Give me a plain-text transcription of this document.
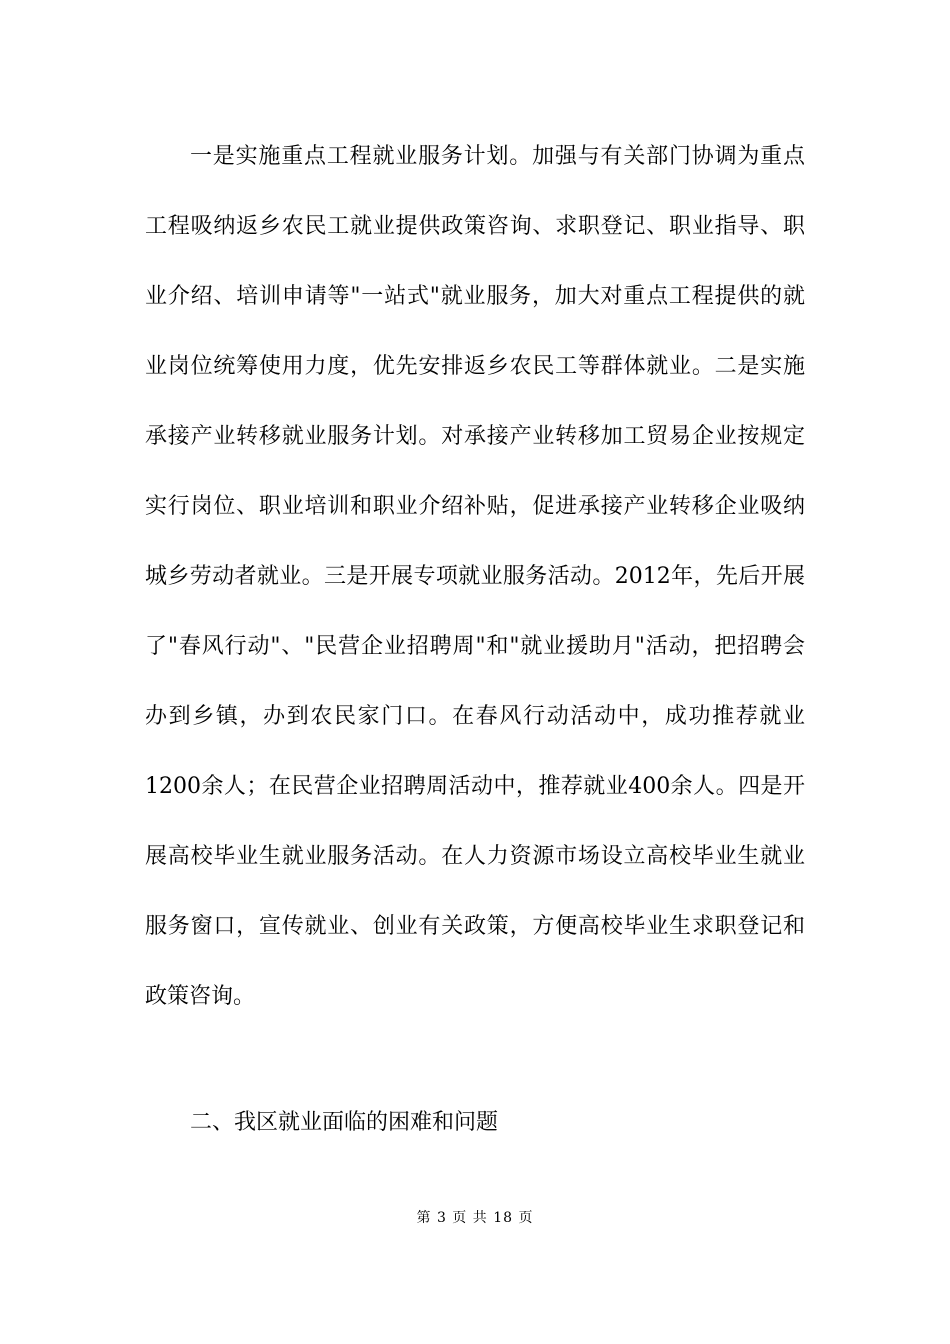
一是实施重点工程就业服务计划。加强与有关部门协调为重点
工程吸纳返乡农民工就业提供政策咨询、求职登记、职业指导、职
业介绍、培训申请等"一站式"就业服务，加大对重点工程提供的就
业岗位统筹使用力度，优先安排返乡农民工等群体就业。二是实施
承接产业转移就业服务计划。对承接产业转移加工贸易企业按规定
实行岗位、职业培训和职业介绍补贴，促进承接产业转移企业吸纳
城乡劳动者就业。三是开展专项就业服务活动。2012年，先后开展
了"春风行动"、"民营企业招聘周"和"就业援助月"活动，把招聘会
办到乡镇，办到农民家门口。在春风行动活动中，成功推荐就业
1200余人；在民营企业招聘周活动中，推荐就业400余人。四是开
展高校毕业生就业服务活动。在人力资源市场设立高校毕业生就业
服务窗口，宣传就业、创业有关政策，方便高校毕业生求职登记和
政策咨询。
二、我区就业面临的困难和问题
第 3 页 共 18 页
